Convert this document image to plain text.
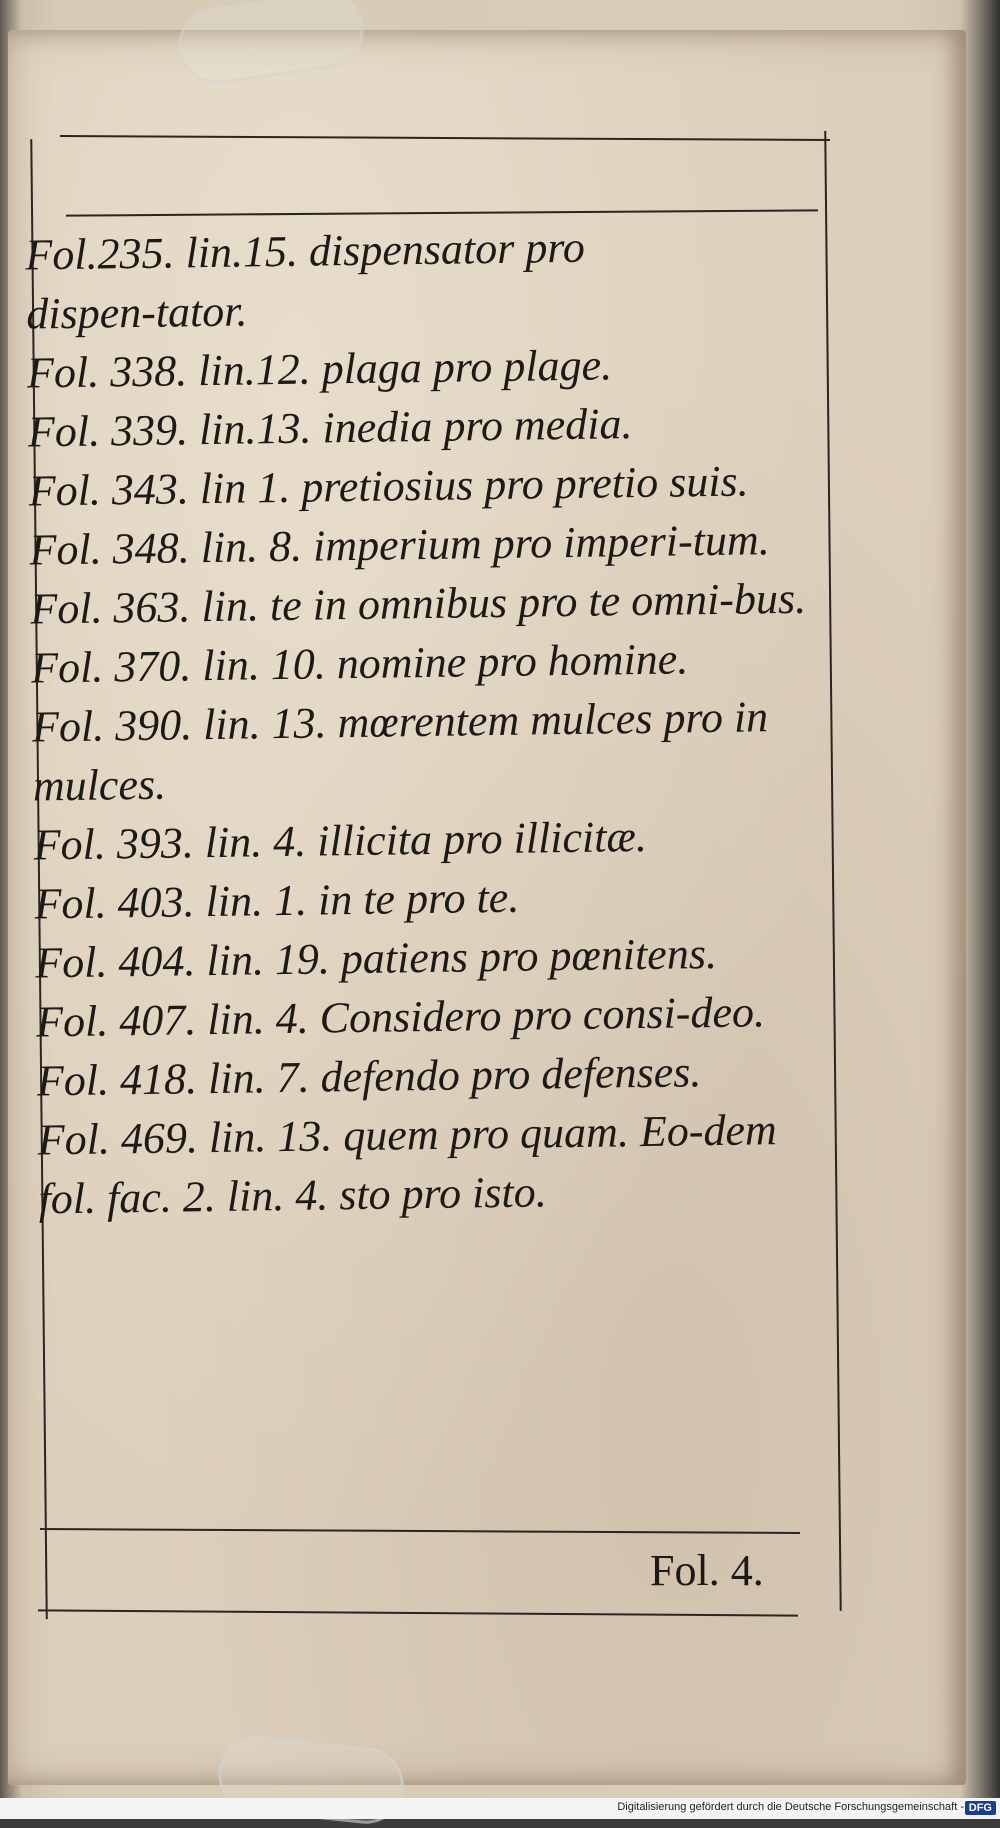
Fol.235. lin.15. dispensator pro dispen‑tator.

Fol. 338. lin.12. plaga pro plage.

Fol. 339. lin.13. inedia pro media.

Fol. 343. lin 1. pretiosius pro pretio suis.

Fol. 348. lin. 8. imperium pro imperi‑tum.

Fol. 363. lin. te in omnibus pro te omni‑bus.

Fol. 370. lin. 10. nomine pro homine.

Fol. 390. lin. 13. mœrentem mulces pro in mulces.

Fol. 393. lin. 4. illicita pro illicitæ.

Fol. 403. lin. 1. in te pro te.

Fol. 404. lin. 19. patiens pro pœnitens.

Fol. 407. lin. 4. Considero pro consi‑deo.

Fol. 418. lin. 7. defendo pro defenses.

Fol. 469. lin. 13. quem pro quam. Eo‑dem fol. fac. 2. lin. 4. sto pro isto.

Fol. 4.
Digitalisierung gefördert durch die Deutsche Forschungsgemeinschaft - DFG
